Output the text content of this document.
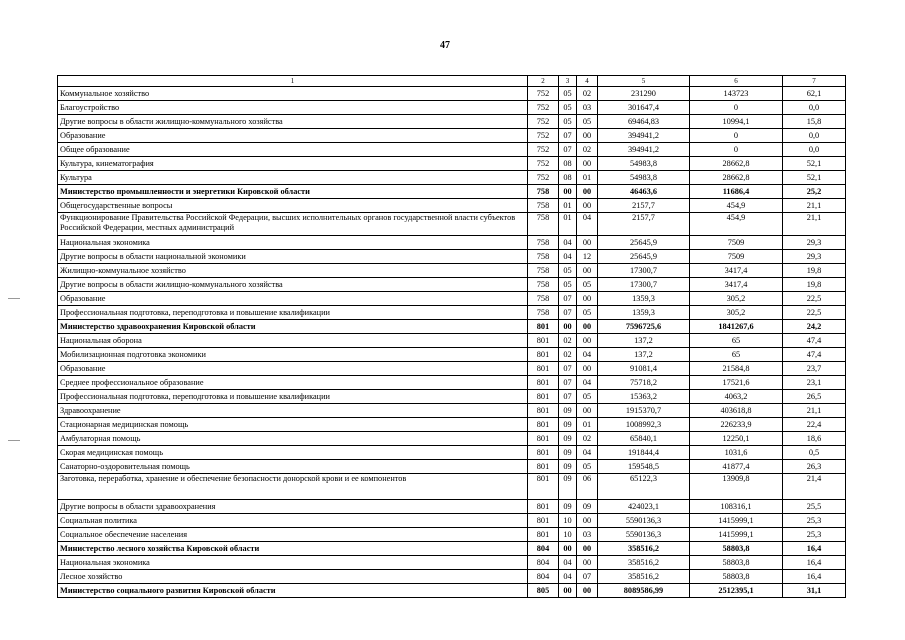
47
1	2	3	4	5	6	7
Коммунальное хозяйство	752	05	02	231290	143723	62,1
Благоустройство	752	05	03	301647,4	0	0,0
Другие вопросы в области жилищно-коммунального хозяйства	752	05	05	69464,83	10994,1	15,8
Образование	752	07	00	394941,2	0	0,0
Общее образование	752	07	02	394941,2	0	0,0
Культура, кинематография	752	08	00	54983,8	28662,8	52,1
Культура	752	08	01	54983,8	28662,8	52,1
Министерство промышленности и энергетики Кировской области	758	00	00	46463,6	11686,4	25,2
Общегосударственные вопросы	758	01	00	2157,7	454,9	21,1
Функционирование Правительства Российской Федерации, высших исполнительных органов государственной власти субъектов Российской Федерации, местных администраций	758	01	04	2157,7	454,9	21,1
Национальная экономика	758	04	00	25645,9	7509	29,3
Другие вопросы в области национальной экономики	758	04	12	25645,9	7509	29,3
Жилищно-коммунальное хозяйство	758	05	00	17300,7	3417,4	19,8
Другие вопросы в области жилищно-коммунального хозяйства	758	05	05	17300,7	3417,4	19,8
Образование	758	07	00	1359,3	305,2	22,5
Профессиональная подготовка, переподготовка и повышение квалификации	758	07	05	1359,3	305,2	22,5
Министерство здравоохранения Кировской области	801	00	00	7596725,6	1841267,6	24,2
Национальная оборона	801	02	00	137,2	65	47,4
Мобилизационная подготовка экономики	801	02	04	137,2	65	47,4
Образование	801	07	00	91081,4	21584,8	23,7
Среднее профессиональное образование	801	07	04	75718,2	17521,6	23,1
Профессиональная подготовка, переподготовка и повышение квалификации	801	07	05	15363,2	4063,2	26,5
Здравоохранение	801	09	00	1915370,7	403618,8	21,1
Стационарная медицинская помощь	801	09	01	1008992,3	226233,9	22,4
Амбулаторная помощь	801	09	02	65840,1	12250,1	18,6
Скорая медицинская помощь	801	09	04	191844,4	1031,6	0,5
Санаторно-оздоровительная помощь	801	09	05	159548,5	41877,4	26,3
Заготовка, переработка, хранение и обеспечение безопасности донорской крови и ее компонентов	801	09	06	65122,3	13909,8	21,4
Другие вопросы в области здравоохранения	801	09	09	424023,1	108316,1	25,5
Социальная политика	801	10	00	5590136,3	1415999,1	25,3
Социальное обеспечение населения	801	10	03	5590136,3	1415999,1	25,3
Министерство лесного хозяйства Кировской области	804	00	00	358516,2	58803,8	16,4
Национальная экономика	804	04	00	358516,2	58803,8	16,4
Лесное хозяйство	804	04	07	358516,2	58803,8	16,4
Министерство социального развития Кировской области	805	00	00	8089586,99	2512395,1	31,1
